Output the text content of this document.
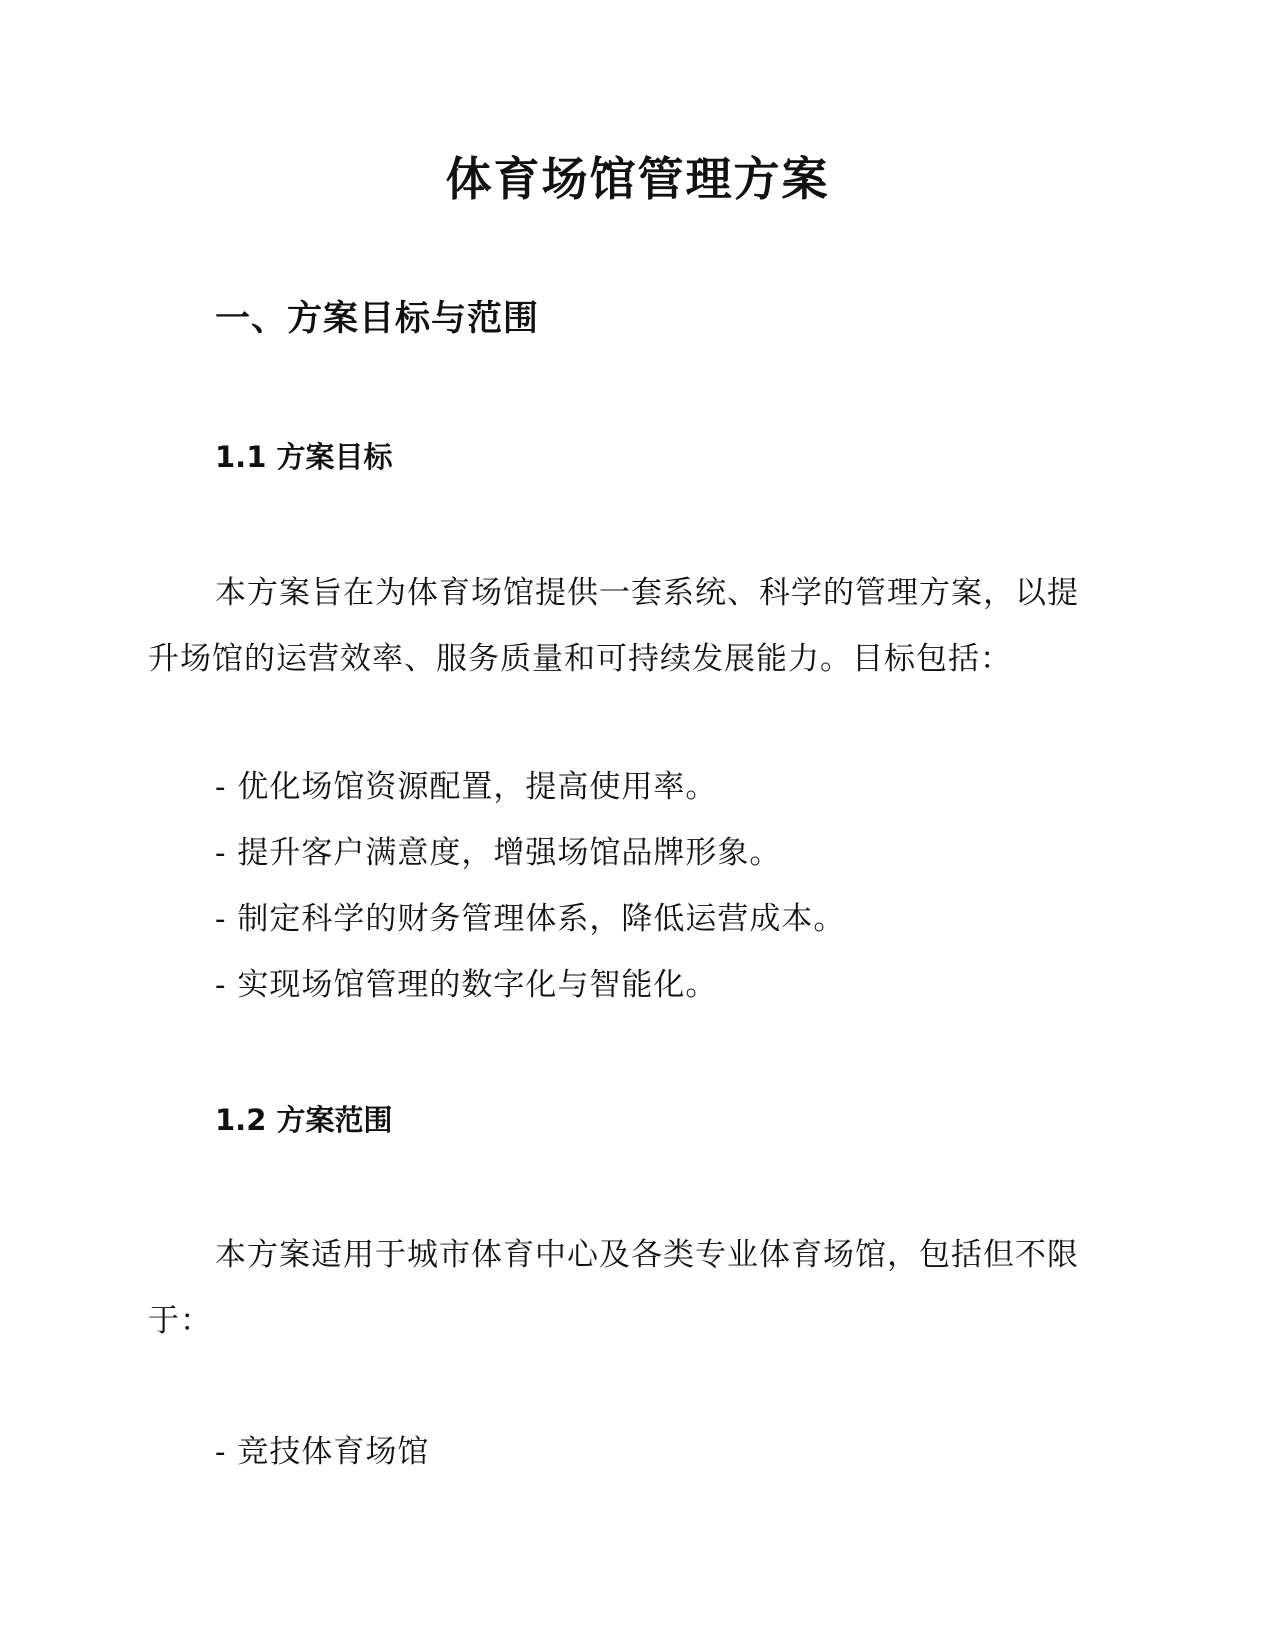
体育场馆管理方案
一、方案目标与范围
1.1 方案目标

本方案旨在为体育场馆提供一套系统、科学的管理方案，以提升场馆的运营效率、服务质量和可持续发展能力。目标包括：

- 优化场馆资源配置，提高使用率。
- 提升客户满意度，增强场馆品牌形象。
- 制定科学的财务管理体系，降低运营成本。
- 实现场馆管理的数字化与智能化。
1.2 方案范围

本方案适用于城市体育中心及各类专业体育场馆，包括但不限于：

- 竞技体育场馆
